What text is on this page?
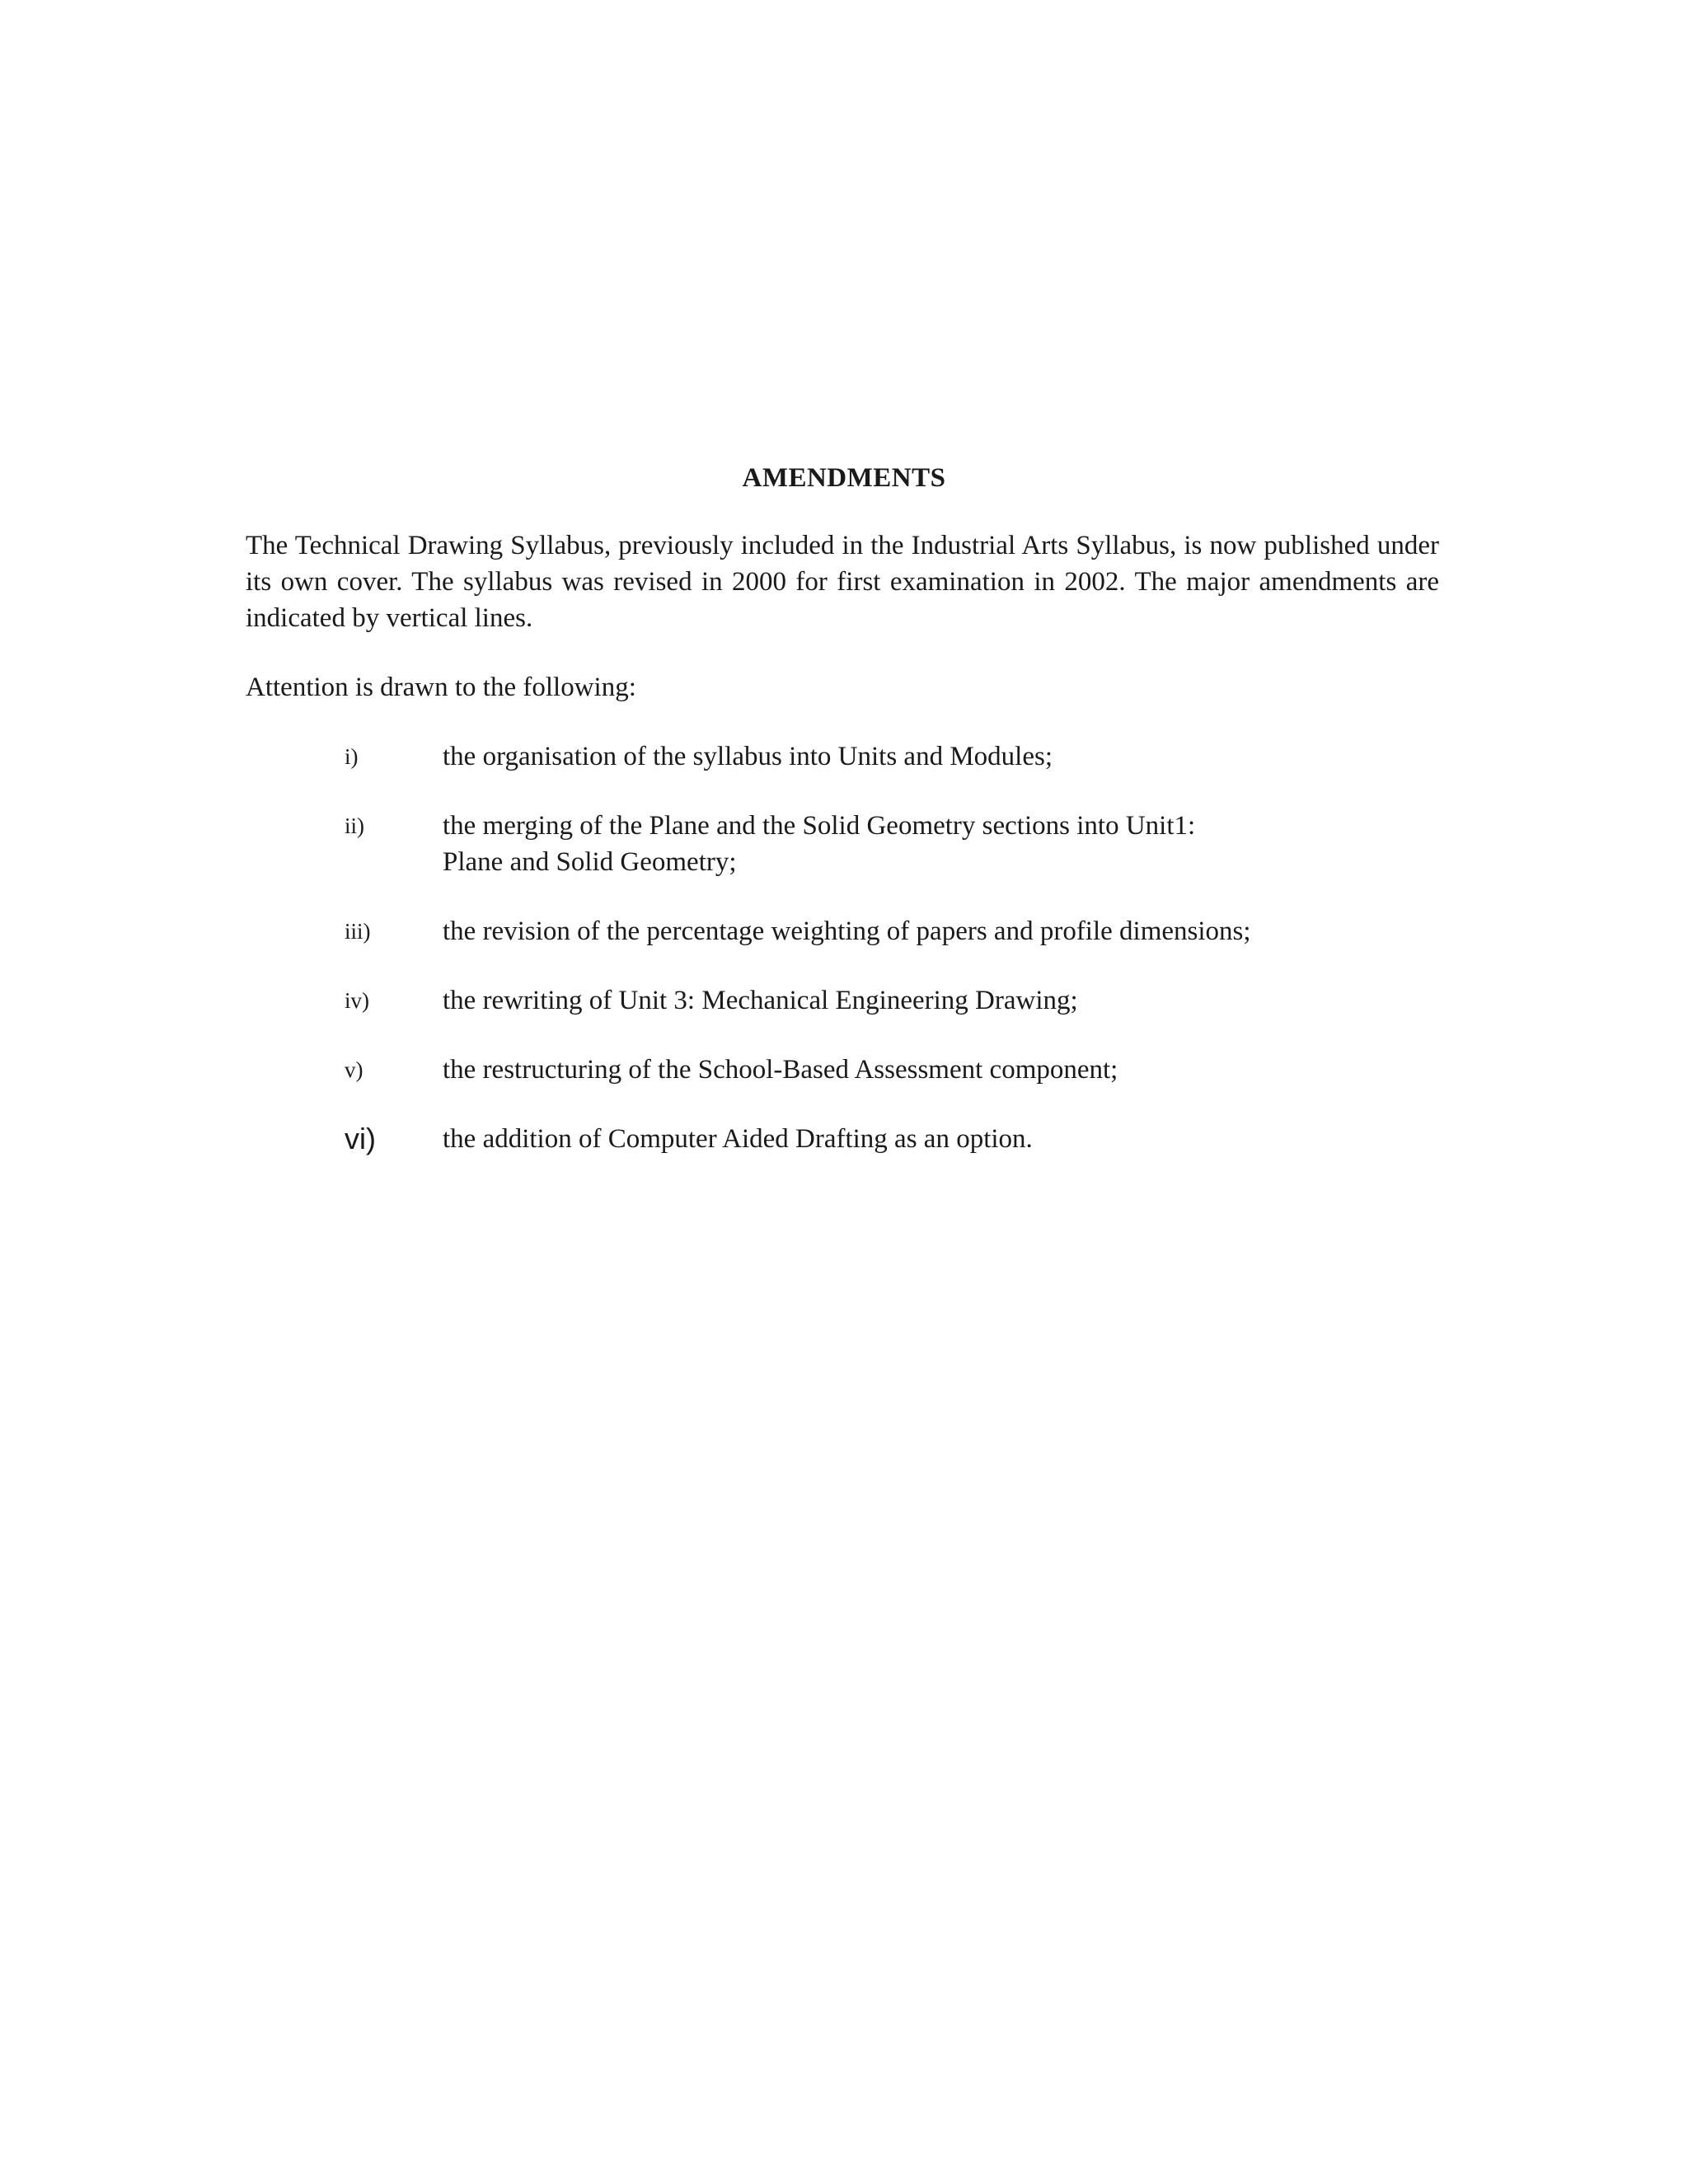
AMENDMENTS
The Technical Drawing Syllabus, previously included in the Industrial Arts Syllabus, is now published under its own cover. The syllabus was revised in 2000 for first examination in 2002. The major amendments are indicated by vertical lines.
Attention is drawn to the following:
i)	the organisation of the syllabus into Units and Modules;
ii)	the merging of the Plane and the Solid Geometry sections into Unit1:
Plane and Solid Geometry;
iii)	the revision of the percentage weighting of papers and profile dimensions;
iv)	the rewriting of Unit 3: Mechanical Engineering Drawing;
v)	the restructuring of the School-Based Assessment component;
vi) the addition of Computer Aided Drafting as an option.
